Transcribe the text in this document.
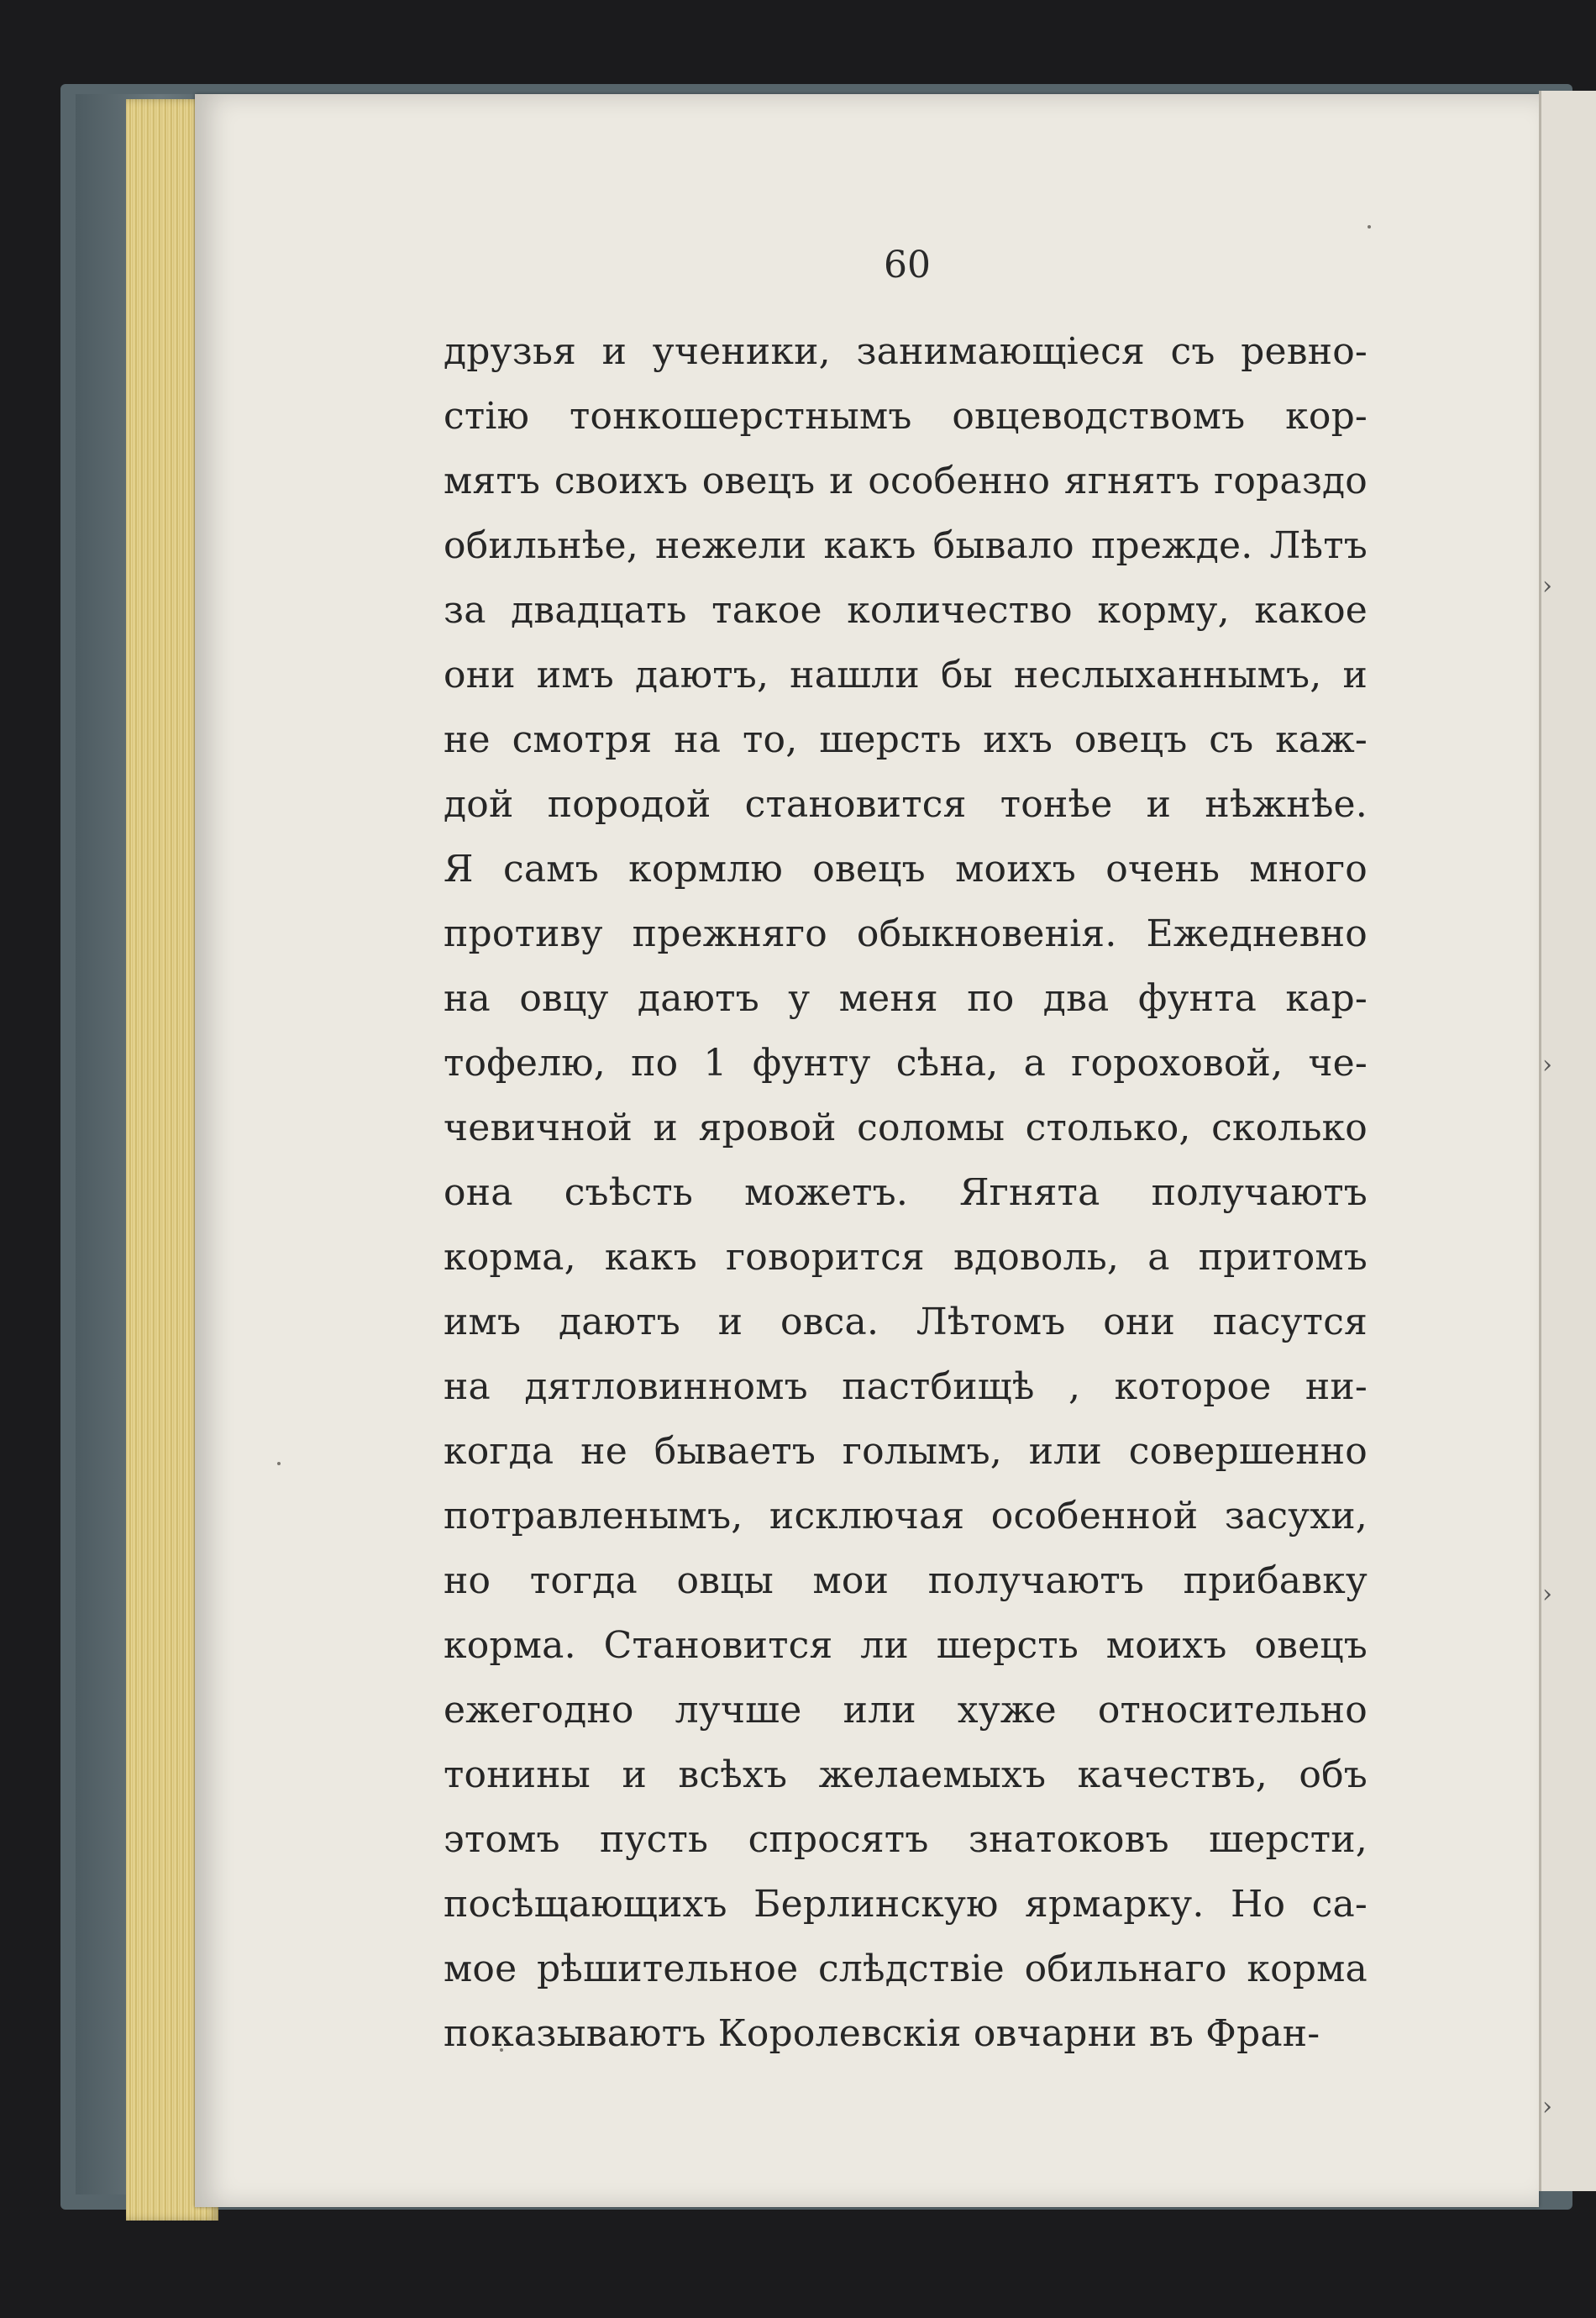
›
›
›
›
60
друзья и ученики, занимающіеся съ ревно-
стію тонкошерстнымъ овцеводствомъ кор-
мятъ своихъ овецъ и особенно ягнятъ гораздо
обильнѣе, нежели какъ бывало прежде. Лѣтъ
за двадцать такое количество корму, какое
они имъ даютъ, нашли бы неслыханнымъ, и
не смотря на то, шерсть ихъ овецъ съ каж-
дой породой становится тонѣе и нѣжнѣе.
Я самъ кормлю овецъ моихъ очень много
противу прежняго обыкновенія. Ежедневно
на овцу даютъ у меня по два фунта кар-
тофелю, по 1 фунту сѣна, а гороховой, че-
чевичной и яровой соломы столько, сколько
она съѣсть можетъ. Ягнята получаютъ
корма, какъ говорится вдоволь, а притомъ
имъ даютъ и овса. Лѣтомъ они пасутся
на дятловинномъ пастбищѣ , которое ни-
когда не бываетъ голымъ, или совершенно
потравленымъ, исключая особенной засухи,
но тогда овцы мои получаютъ прибавку
корма. Становится ли шерсть моихъ овецъ
ежегодно лучше или хуже относительно
тонины и всѣхъ желаемыхъ качествъ, объ
этомъ пусть спросятъ знатоковъ шерсти,
посѣщающихъ Берлинскую ярмарку. Но са-
мое рѣшительное слѣдствіе обильнаго корма
показываютъ Королевскія овчарни въ Фран-
